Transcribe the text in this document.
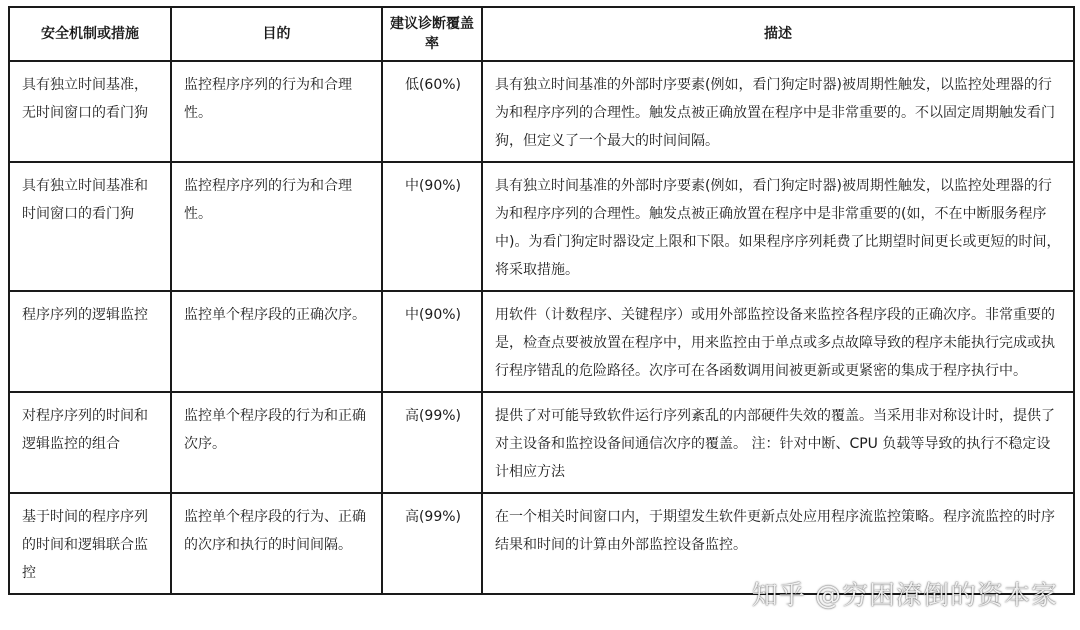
安全机制或措施	目的	建议诊断覆盖率	描述
具有独立时间基准，无时间窗口的看门狗	监控程序序列的行为和合理性。	低(60%)	具有独立时间基准的外部时序要素(例如，看门狗定时器)被周期性触发，以监控处理器的行为和程序序列的合理性。触发点被正确放置在程序中是非常重要的。不以固定周期触发看门狗，但定义了一个最大的时间间隔。
具有独立时间基准和时间窗口的看门狗	监控程序序列的行为和合理性。	中(90%)	具有独立时间基准的外部时序要素(例如，看门狗定时器)被周期性触发，以监控处理器的行为和程序序列的合理性。触发点被正确放置在程序中是非常重要的(如，不在中断服务程序中)。为看门狗定时器设定上限和下限。如果程序序列耗费了比期望时间更长或更短的时间，将采取措施。
程序序列的逻辑监控	监控单个程序段的正确次序。	中(90%)	用软件（计数程序、关键程序）或用外部监控设备来监控各程序段的正确次序。非常重要的是，检查点要被放置在程序中，用来监控由于单点或多点故障导致的程序未能执行完成或执行程序错乱的危险路径。次序可在各函数调用间被更新或更紧密的集成于程序执行中。
对程序序列的时间和逻辑监控的组合	监控单个程序段的行为和正确次序。	高(99%)	提供了对可能导致软件运行序列紊乱的内部硬件失效的覆盖。当采用非对称设计时，提供了对主设备和监控设备间通信次序的覆盖。 注：针对中断、CPU 负载等导致的执行不稳定设计相应方法
基于时间的程序序列的时间和逻辑联合监控	监控单个程序段的行为、正确的次序和执行的时间间隔。	高(99%)	在一个相关时间窗口内，于期望发生软件更新点处应用程序流监控策略。程序流监控的时序结果和时间的计算由外部监控设备监控。
知乎 @穷困潦倒的资本家
